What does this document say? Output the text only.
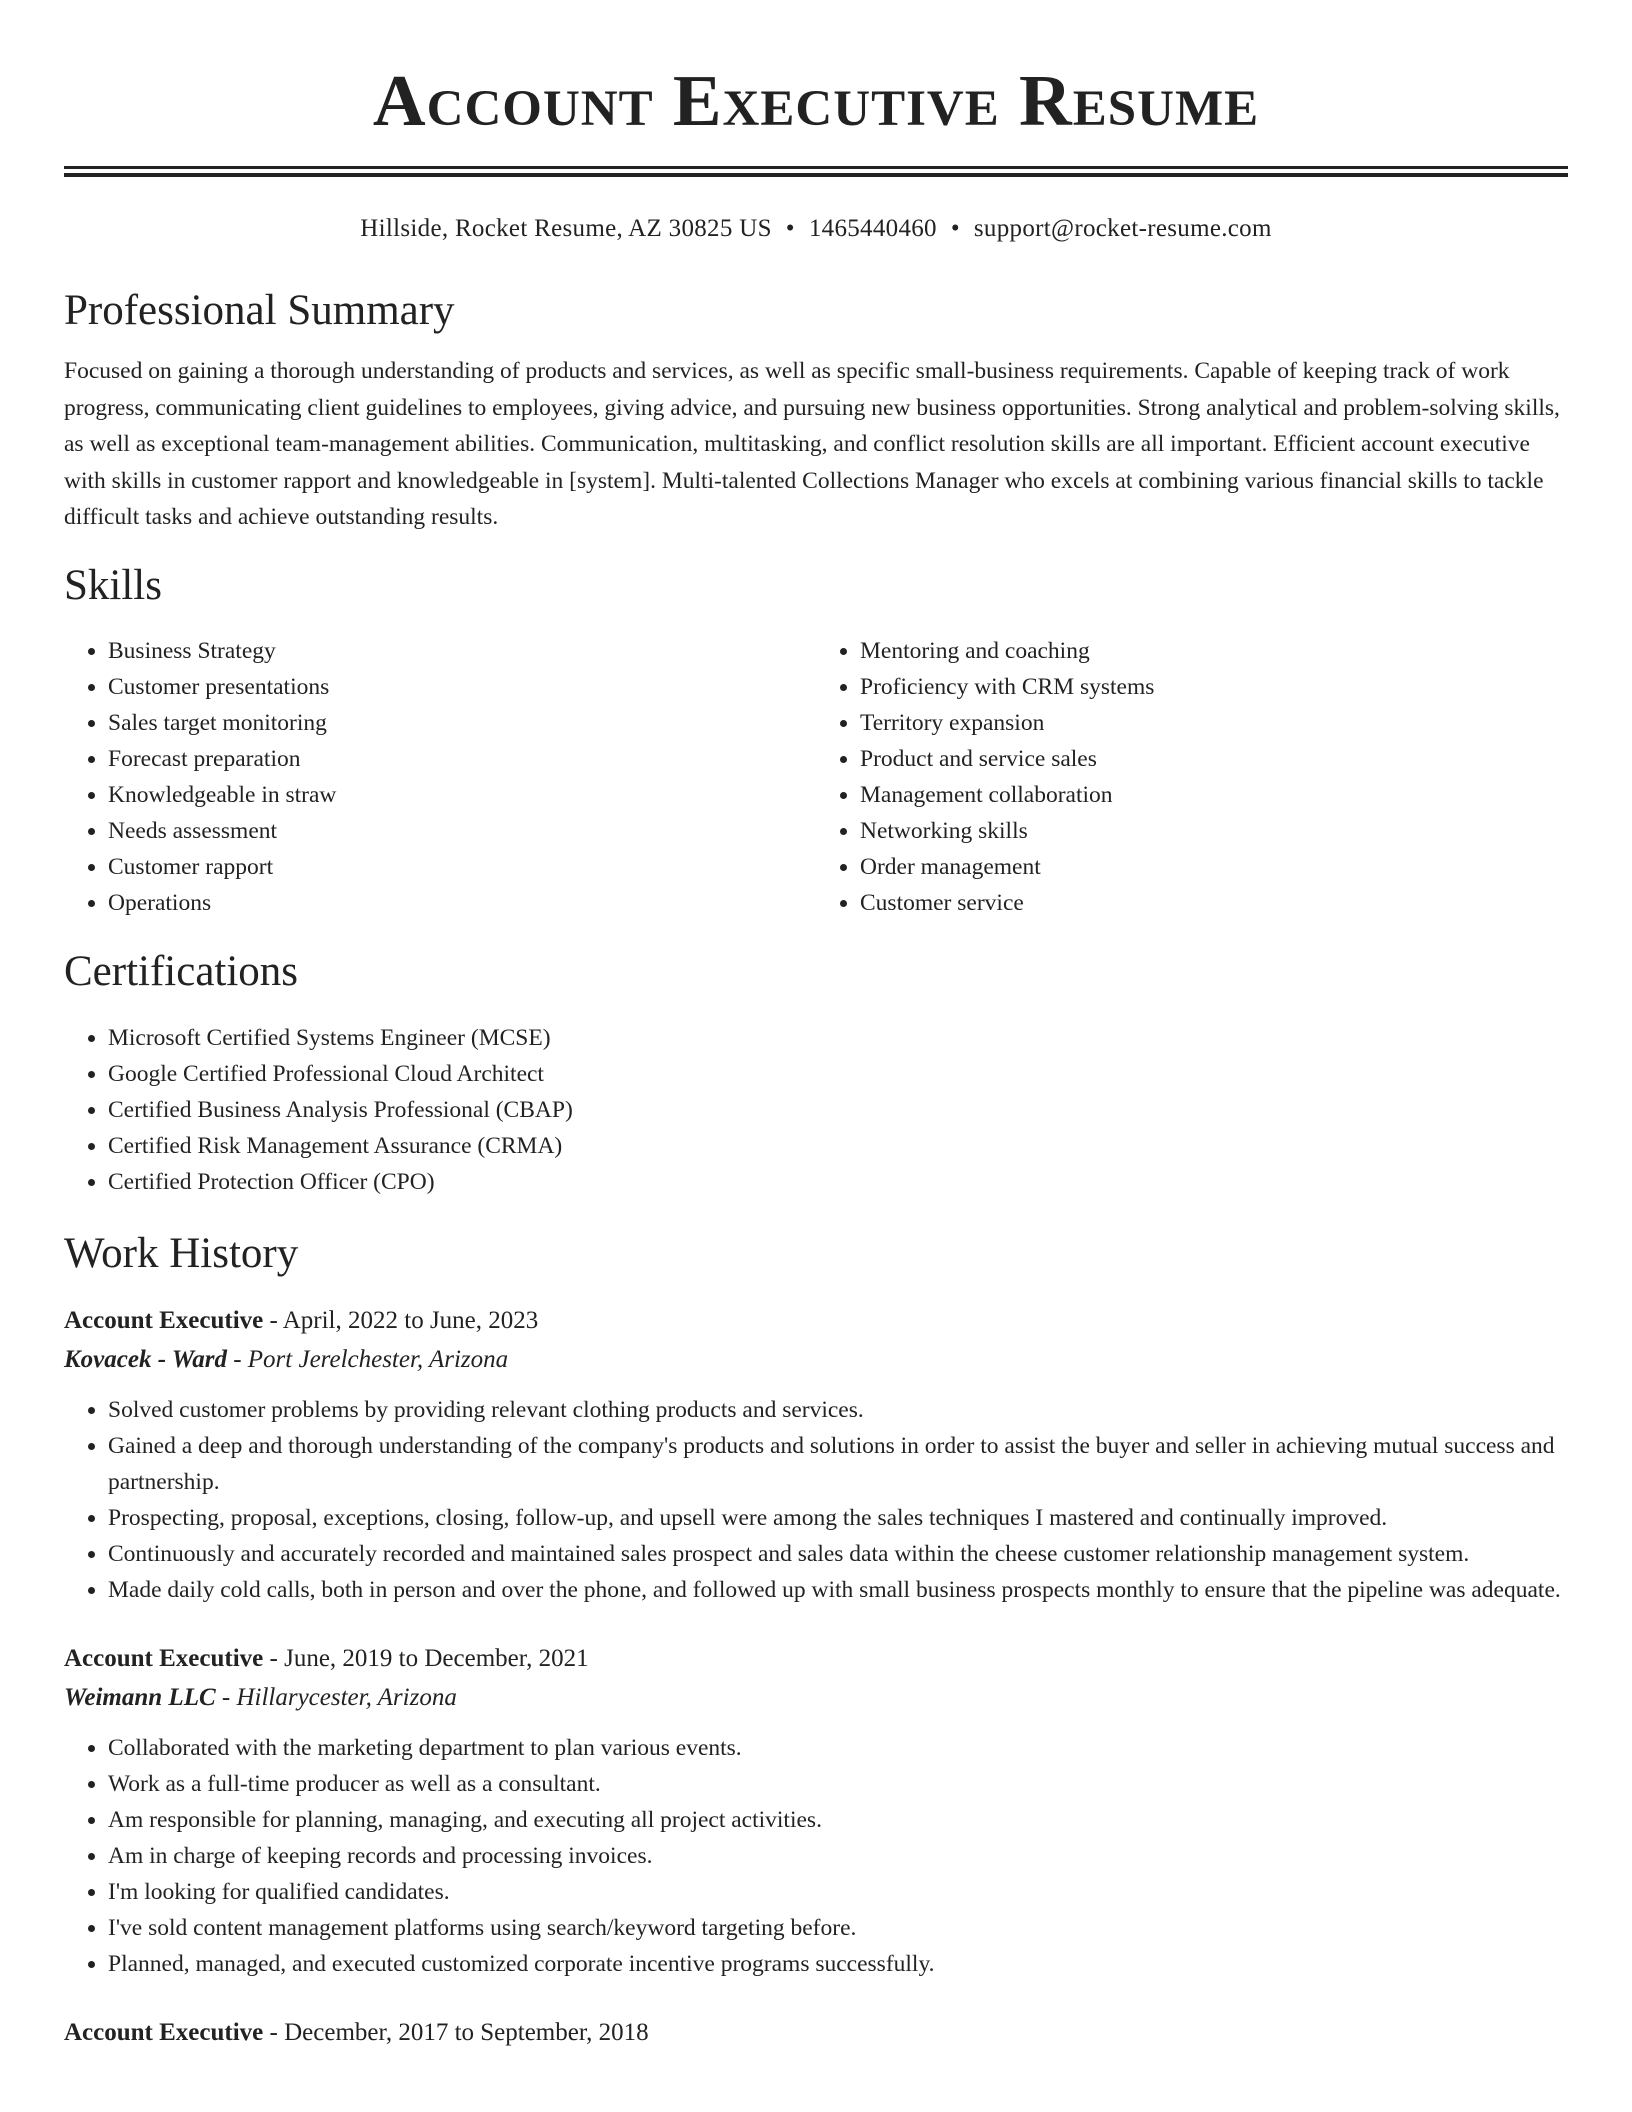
Account Executive Resume
Hillside, Rocket Resume, AZ 30825 US • 1465440460 • support@rocket-resume.com
Professional Summary

Focused on gaining a thorough understanding of products and services, as well as specific small-business requirements. Capable of keeping track of work progress, communicating client guidelines to employees, giving advice, and pursuing new business opportunities. Strong analytical and problem-solving skills, as well as exceptional team-management abilities. Communication, multitasking, and conflict resolution skills are all important. Efficient account executive with skills in customer rapport and knowledgeable in [system]. Multi-talented Collections Manager who excels at combining various financial skills to tackle difficult tasks and achieve outstanding results.

Skills
• Business Strategy
• Customer presentations
• Sales target monitoring
• Forecast preparation
• Knowledgeable in straw
• Needs assessment
• Customer rapport
• Operations
• Mentoring and coaching
• Proficiency with CRM systems
• Territory expansion
• Product and service sales
• Management collaboration
• Networking skills
• Order management
• Customer service
Certifications
• Microsoft Certified Systems Engineer (MCSE)
• Google Certified Professional Cloud Architect
• Certified Business Analysis Professional (CBAP)
• Certified Risk Management Assurance (CRMA)
• Certified Protection Officer (CPO)
Work History
Account Executive - April, 2022 to June, 2023
Kovacek - Ward - Port Jerelchester, Arizona
• Solved customer problems by providing relevant clothing products and services.
• Gained a deep and thorough understanding of the company's products and solutions in order to assist the buyer and seller in achieving mutual success and partnership.
• Prospecting, proposal, exceptions, closing, follow-up, and upsell were among the sales techniques I mastered and continually improved.
• Continuously and accurately recorded and maintained sales prospect and sales data within the cheese customer relationship management system.
• Made daily cold calls, both in person and over the phone, and followed up with small business prospects monthly to ensure that the pipeline was adequate.
Account Executive - June, 2019 to December, 2021
Weimann LLC - Hillarycester, Arizona
• Collaborated with the marketing department to plan various events.
• Work as a full-time producer as well as a consultant.
• Am responsible for planning, managing, and executing all project activities.
• Am in charge of keeping records and processing invoices.
• I'm looking for qualified candidates.
• I've sold content management platforms using search/keyword targeting before.
• Planned, managed, and executed customized corporate incentive programs successfully.
Account Executive - December, 2017 to September, 2018
